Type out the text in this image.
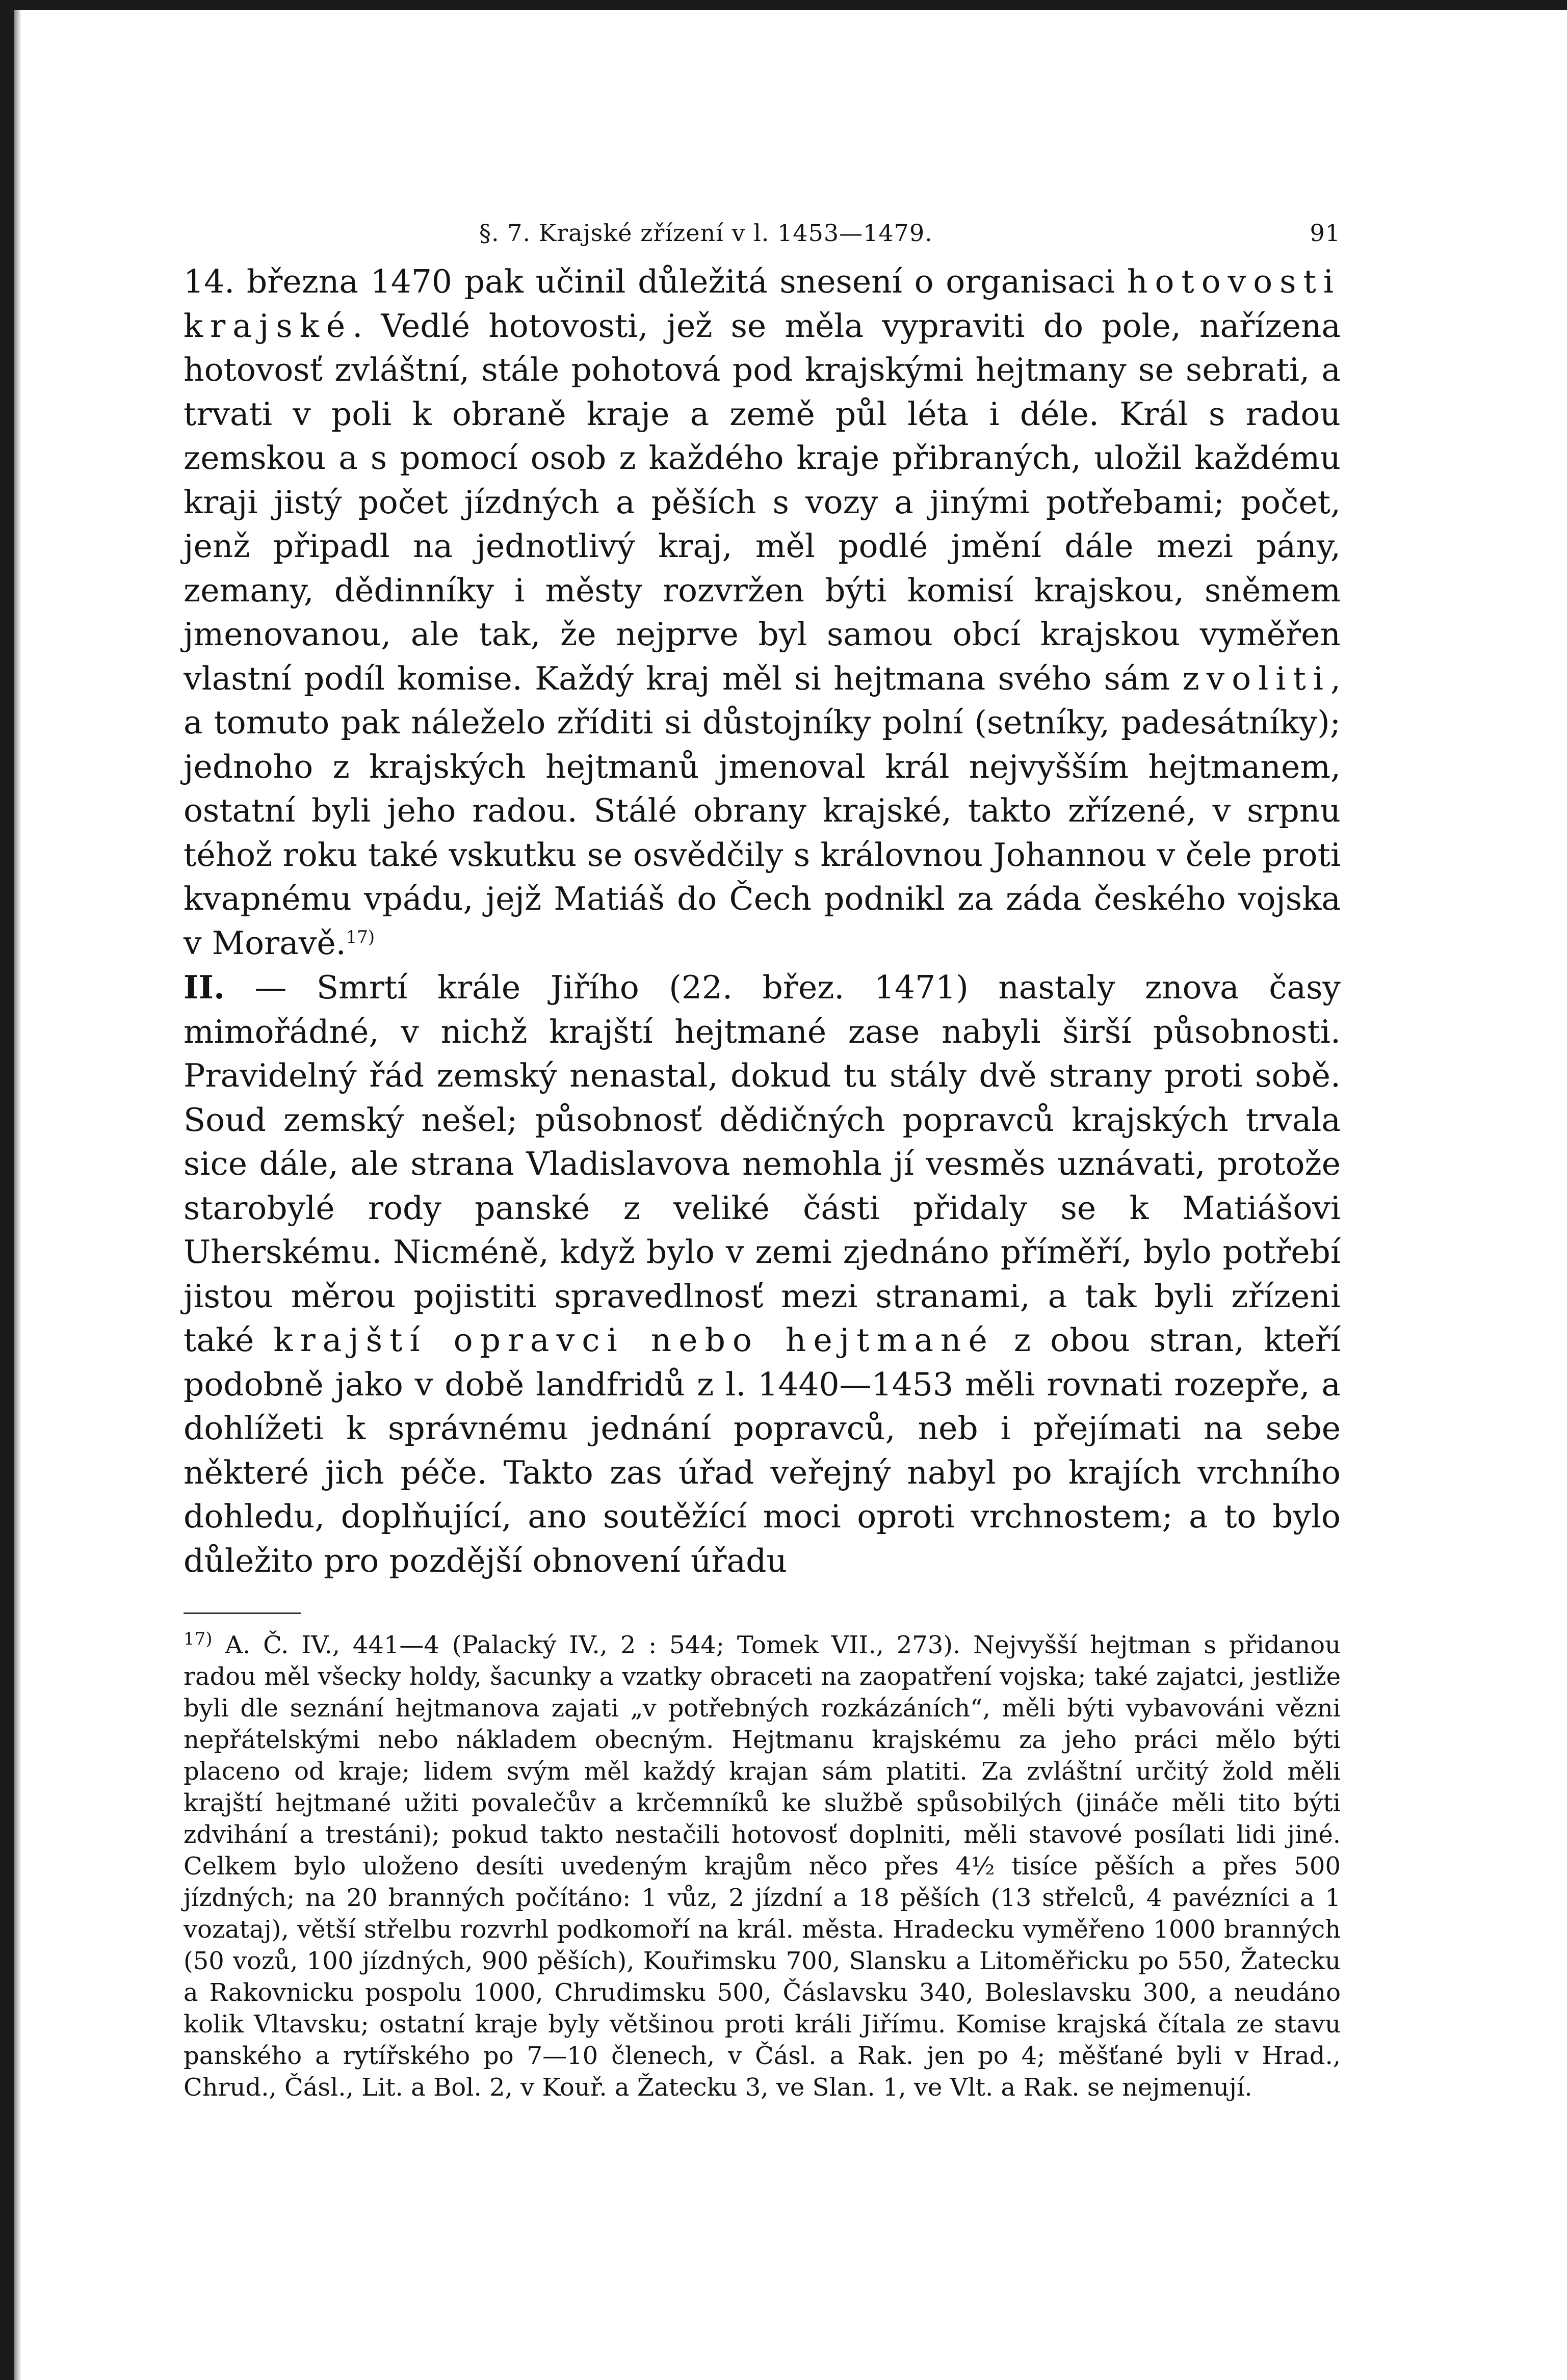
§. 7. Krajské zřízení v l. 1453—1479.	91

14. března 1470 pak učinil důležitá snesení o organisaci hotovosti krajské. Vedlé hotovosti, jež se měla vypraviti do pole, nařízena hotovosť zvláštní, stále pohotová pod krajskými hejtmany se sebrati, a trvati v poli k obraně kraje a země půl léta i déle. Král s radou zemskou a s pomocí osob z každého kraje přibraných, uložil každému kraji jistý počet jízdných a pěších s vozy a jinými potřebami; počet, jenž připadl na jednotlivý kraj, měl podlé jmění dále mezi pány, zemany, dědinníky i městy rozvržen býti komisí krajskou, sněmem jmenovanou, ale tak, že nejprve byl samou obcí krajskou vyměřen vlastní podíl komise. Každý kraj měl si hejtmana svého sám zvoliti, a tomuto pak náleželo zříditi si důstojníky polní (setníky, padesátníky); jednoho z krajských hejtmanů jmenoval král nejvyšším hejtmanem, ostatní byli jeho radou. Stálé obrany krajské, takto zřízené, v srpnu téhož roku také vskutku se osvědčily s královnou Johannou v čele proti kvapnému vpádu, jejž Matiáš do Čech podnikl za záda českého vojska v Moravě.$^{17)}$

II. — Smrtí krále Jiřího (22. břez. 1471) nastaly znova časy mimořádné, v nichž krajští hejtmané zase nabyli širší působnosti. Pravidelný řád zemský nenastal, dokud tu stály dvě strany proti sobě. Soud zemský nešel; působnosť dědičných popravců krajských trvala sice dále, ale strana Vladislavova nemohla jí vesměs uznávati, protože starobylé rody panské z veliké části přidaly se k Matiášovi Uherskému. Nicméně, když bylo v zemi zjednáno příměří, bylo potřebí jistou měrou pojistiti spravedlnosť mezi stranami, a tak byli zřízeni také krajští opravci nebo hejtmané z obou stran, kteří podobně jako v době landfridů z l. 1440—1453 měli rovnati rozepře, a dohlížeti k správnému jednání popravců, neb i přejímati na sebe některé jich péče. Takto zas úřad veřejný nabyl po krajích vrchního dohledu, doplňující, ano soutěžící moci oproti vrchnostem; a to bylo důležito pro pozdější obnovení úřadu

$^{17)}$ A. Č. IV., 441—4 (Palacký IV., 2 : 544; Tomek VII., 273). Nejvyšší hejtman s přidanou radou měl všecky holdy, šacunky a vzatky obraceti na zaopatření vojska; také zajatci, jestliže byli dle seznání hejtmanova zajati „v potřebných rozkázáních“, měli býti vybavováni vězni nepřátelskými nebo nákladem obecným. Hejtmanu krajskému za jeho práci mělo býti placeno od kraje; lidem svým měl každý krajan sám platiti. Za zvláštní určitý žold měli krajští hejtmané užiti povalečův a krčemníků ke službě spůsobilých (jináče měli tito býti zdvihání a trestáni); pokud takto nestačili hotovosť doplniti, měli stavové posílati lidi jiné. Celkem bylo uloženo desíti uvedeným krajům něco přes 4½ tisíce pěších a přes 500 jízdných; na 20 branných počítáno: 1 vůz, 2 jízdní a 18 pěších (13 střelců, 4 pavézníci a 1 vozataj), větší střelbu rozvrhl podkomoří na král. města. Hradecku vyměřeno 1000 branných (50 vozů, 100 jízdných, 900 pěších), Kouřimsku 700, Slansku a Litoměřicku po 550, Žatecku a Rakovnicku pospolu 1000, Chrudimsku 500, Čáslavsku 340, Boleslavsku 300, a neudáno kolik Vltavsku; ostatní kraje byly většinou proti králi Jiřímu. Komise krajská čítala ze stavu panského a rytířského po 7—10 členech, v Čásl. a Rak. jen po 4; měšťané byli v Hrad., Chrud., Čásl., Lit. a Bol. 2, v Kouř. a Žatecku 3, ve Slan. 1, ve Vlt. a Rak. se nejmenují.
